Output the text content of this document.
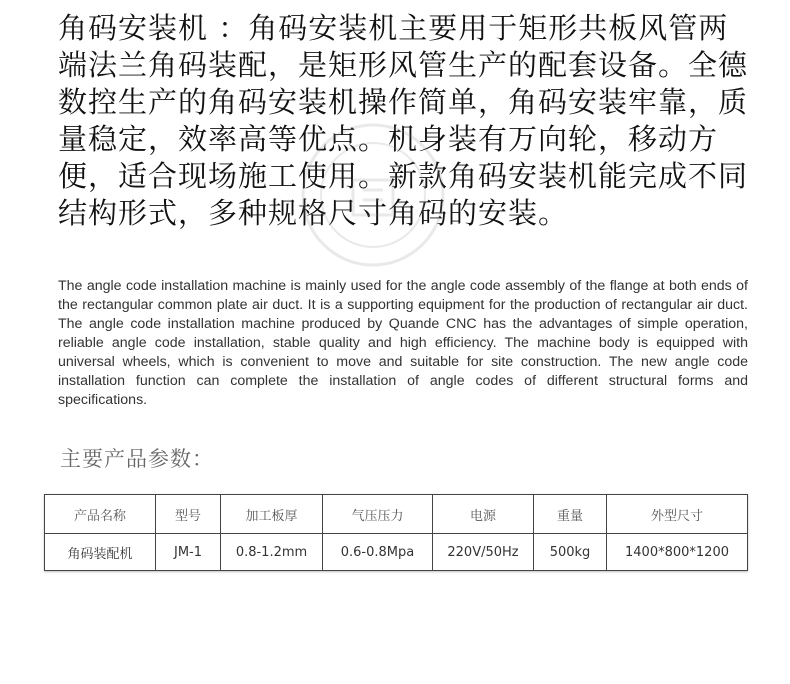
角码安装机 ：角码安装机主要用于矩形共板风管两端法兰角码装配，是矩形风管生产的配套设备。全德数控生产的角码安装机操作简单，角码安装牢靠，质量稳定，效率高等优点。机身装有万向轮，移动方便，适合现场施工使用。新款角码安装机能完成不同结构形式，多种规格尺寸角码的安装。
The angle code installation machine is mainly used for the angle code assembly of the flange at both ends of the rectangular common plate air duct. It is a supporting equipment for the production of rectangular air duct. The angle code installation machine produced by Quande CNC has the advantages of simple operation, reliable angle code installation, stable quality and high efficiency. The machine body is equipped with universal wheels, which is convenient to move and suitable for site construction. The new angle code installation function can complete the installation of angle codes of different structural forms and specifications.
主要产品参数：
产品名称	型号	加工板厚	气压压力	电源	重量	外型尺寸
角码装配机	JM-1	0.8-1.2mm	0.6-0.8Mpa	220V/50Hz	500kg	1400*800*1200
